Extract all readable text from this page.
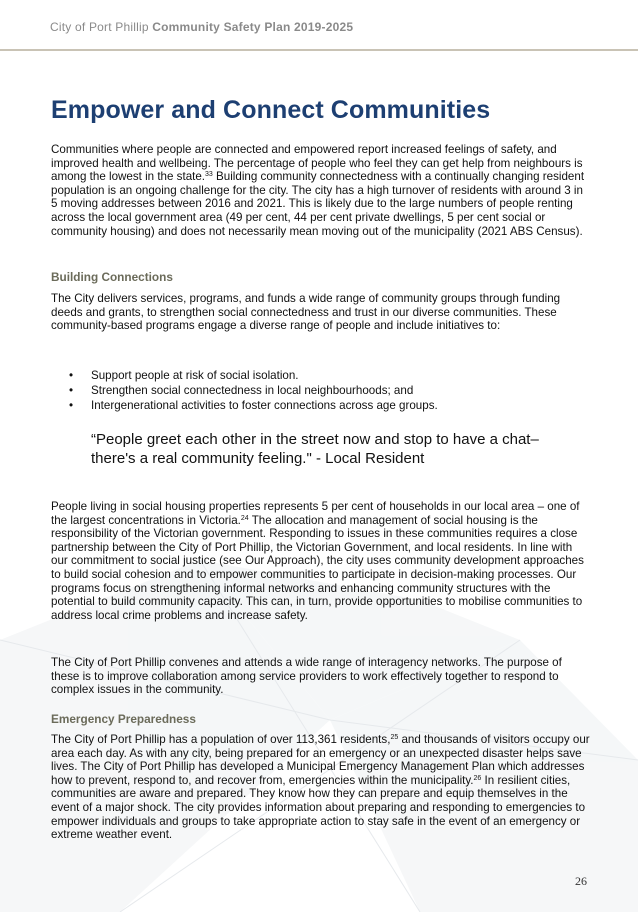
City of Port Phillip Community Safety Plan 2019-2025
Empower and Connect Communities

Communities where people are connected and empowered report increased feelings of safety, and improved health and wellbeing. The percentage of people who feel they can get help from neighbours is among the lowest in the state.$^{33}$ Building community connectedness with a continually changing resident population is an ongoing challenge for the city. The city has a high turnover of residents with around 3 in 5 moving addresses between 2016 and 2021. This is likely due to the large numbers of people renting across the local government area (49 per cent, 44 per cent private dwellings, 5 per cent social or community housing) and does not necessarily mean moving out of the municipality (2021 ABS Census).

Building Connections

The City delivers services, programs, and funds a wide range of community groups through funding deeds and grants, to strengthen social connectedness and trust in our diverse communities. These community-based programs engage a diverse range of people and include initiatives to:

• Support people at risk of social isolation.
• Strengthen social connectedness in local neighbourhoods; and
• Intergenerational activities to foster connections across age groups.
“People greet each other in the street now and stop to have a chat–
there's a real community feeling." - Local Resident

People living in social housing properties represents 5 per cent of households in our local area – one of the largest concentrations in Victoria.$^{24}$ The allocation and management of social housing is the responsibility of the Victorian government. Responding to issues in these communities requires a close partnership between the City of Port Phillip, the Victorian Government, and local residents. In line with our commitment to social justice (see Our Approach), the city uses community development approaches to build social cohesion and to empower communities to participate in decision-making processes. Our programs focus on strengthening informal networks and enhancing community structures with the potential to build community capacity. This can, in turn, provide opportunities to mobilise communities to address local crime problems and increase safety.

The City of Port Phillip convenes and attends a wide range of interagency networks. The purpose of these is to improve collaboration among service providers to work effectively together to respond to complex issues in the community.

Emergency Preparedness

The City of Port Phillip has a population of over 113,361 residents,$^{25}$ and thousands of visitors occupy our area each day. As with any city, being prepared for an emergency or an unexpected disaster helps save lives. The City of Port Phillip has developed a Municipal Emergency Management Plan which addresses how to prevent, respond to, and recover from, emergencies within the municipality.$^{26}$ In resilient cities, communities are aware and prepared. They know how they can prepare and equip themselves in the event of a major shock. The city provides information about preparing and responding to emergencies to empower individuals and groups to take appropriate action to stay safe in the event of an emergency or extreme weather event.

26
